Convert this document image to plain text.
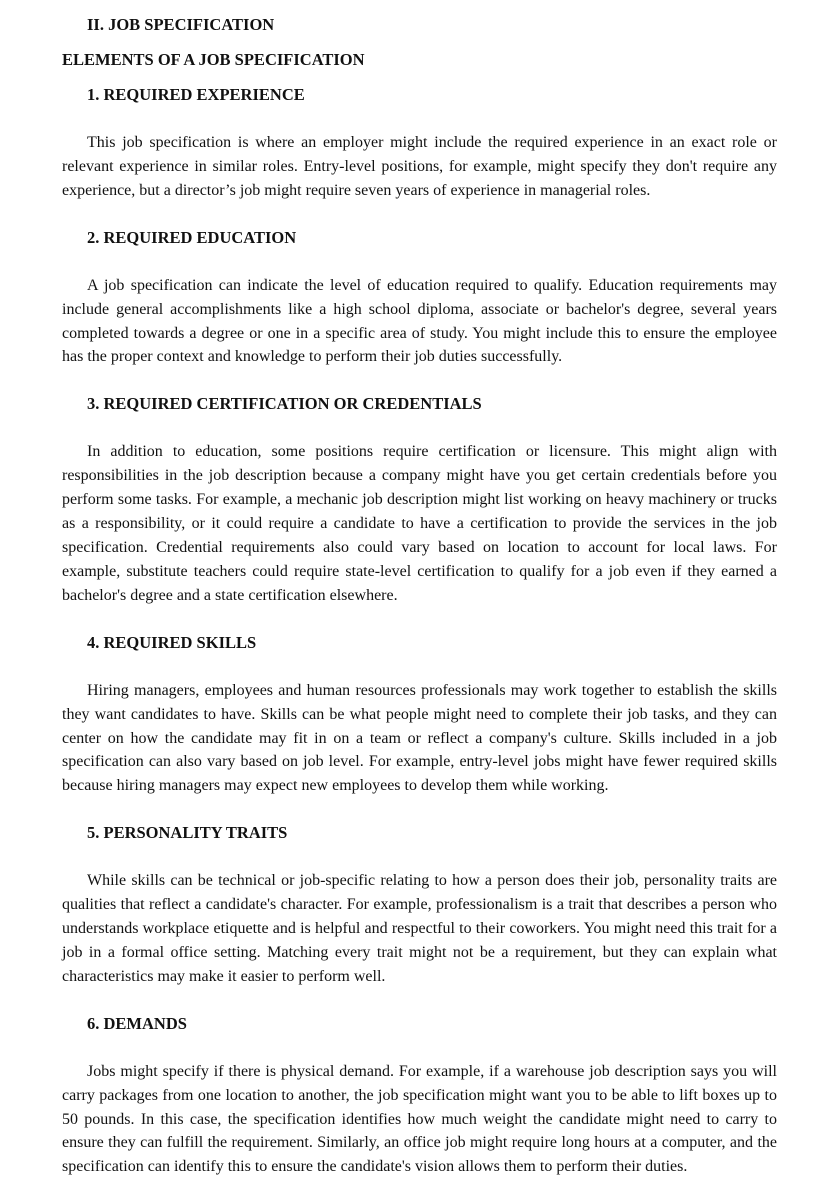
II. JOB SPECIFICATION
ELEMENTS OF A JOB SPECIFICATION
1. REQUIRED EXPERIENCE

This job specification is where an employer might include the required experience in an exact role or relevant experience in similar roles. Entry-level positions, for example, might specify they don't require any experience, but a director’s job might require seven years of experience in managerial roles.

2. REQUIRED EDUCATION

A job specification can indicate the level of education required to qualify. Education requirements may include general accomplishments like a high school diploma, associate or bachelor's degree, several years completed towards a degree or one in a specific area of study. You might include this to ensure the employee has the proper context and knowledge to perform their job duties successfully.

3. REQUIRED CERTIFICATION OR CREDENTIALS

In addition to education, some positions require certification or licensure. This might align with responsibilities in the job description because a company might have you get certain credentials before you perform some tasks. For example, a mechanic job description might list working on heavy machinery or trucks as a responsibility, or it could require a candidate to have a certification to provide the services in the job specification. Credential requirements also could vary based on location to account for local laws. For example, substitute teachers could require state-level certification to qualify for a job even if they earned a bachelor's degree and a state certification elsewhere.

4. REQUIRED SKILLS

Hiring managers, employees and human resources professionals may work together to establish the skills they want candidates to have. Skills can be what people might need to complete their job tasks, and they can center on how the candidate may fit in on a team or reflect a company's culture. Skills included in a job specification can also vary based on job level. For example, entry-level jobs might have fewer required skills because hiring managers may expect new employees to develop them while working.

5. PERSONALITY TRAITS

While skills can be technical or job-specific relating to how a person does their job, personality traits are qualities that reflect a candidate's character. For example, professionalism is a trait that describes a person who understands workplace etiquette and is helpful and respectful to their coworkers. You might need this trait for a job in a formal office setting. Matching every trait might not be a requirement, but they can explain what characteristics may make it easier to perform well.

6. DEMANDS

Jobs might specify if there is physical demand. For example, if a warehouse job description says you will carry packages from one location to another, the job specification might want you to be able to lift boxes up to 50 pounds. In this case, the specification identifies how much weight the candidate might need to carry to ensure they can fulfill the requirement. Similarly, an office job might require long hours at a computer, and the specification can identify this to ensure the candidate's vision allows them to perform their duties.
